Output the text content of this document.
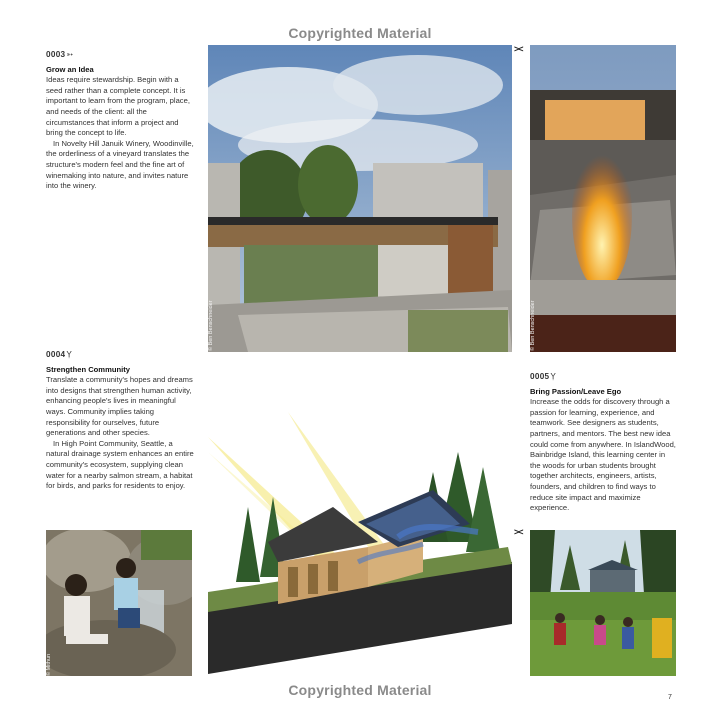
Copyrighted Material
Copyrighted Material
0003➳
Grow an Idea

Ideas require stewardship. Begin with a seed rather than a complete concept. It is important to learn from the program, place, and needs of the client: all the circumstances that inform a project and bring the concept to life.

In Novelty Hill Januik Winery, Woodinville, the orderliness of a vineyard translates the structure's modern feel and the fine art of winemaking into nature, and invites nature into the winery.

0004Ỵ
Strengthen Community

Translate a community's hopes and dreams into designs that strengthen human activity, enhancing people's lives in meaningful ways. Community implies taking responsibility for ourselves, future generations and other species.

In High Point Community, Seattle, a natural drainage system enhances an entire community's ecosystem, supplying clean water for a nearby salmon stream, a habitat for birds, and parks for residents to enjoy.

0005Ỵ
Bring Passion/Leave Ego

Increase the odds for discovery through a passion for learning, experience, and teamwork. See designers as students, partners, and mentors. The best new idea could come from anywhere. In IslandWood, Bainbridge Island, this learning center in the woods for urban students brought together architects, engineers, artists, founders, and children to find ways to reduce site impact and maximize experience.

><
><
© Ben Benschneider	© Ben Benschneider
© Mithun
7
